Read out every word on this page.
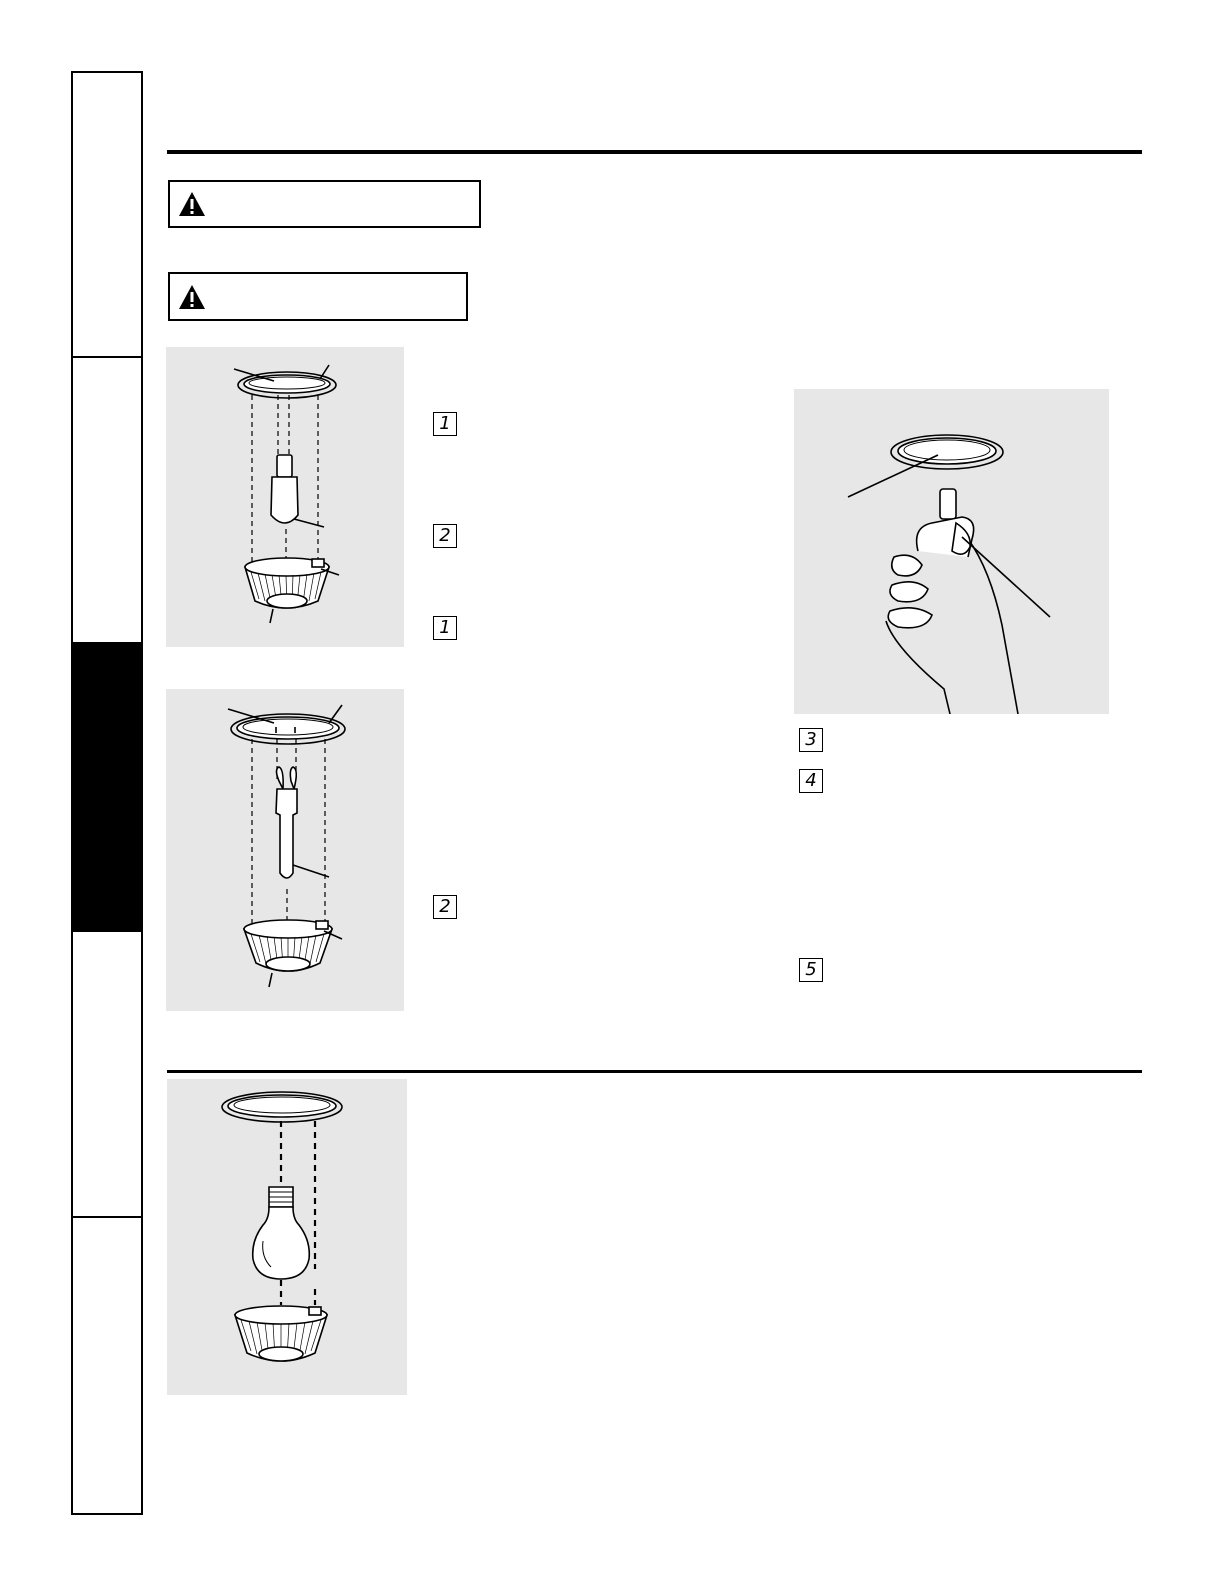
1
2
1
2
3
4
5
